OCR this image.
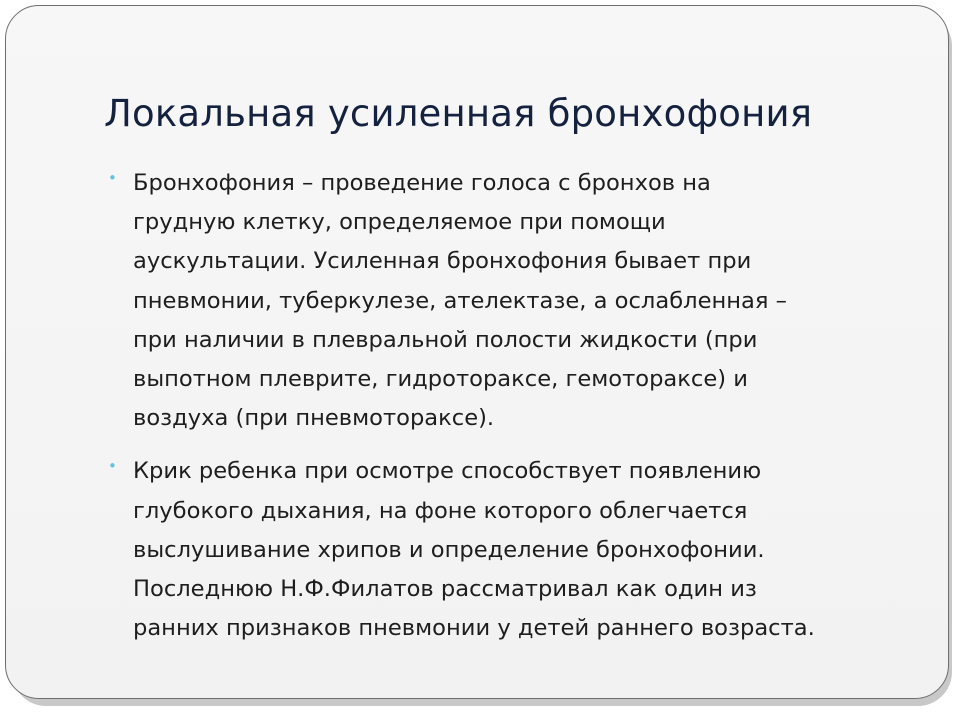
Локальная усиленная бронхофония
• Бронхофония – проведение голоса с бронхов на
грудную клетку, определяемое при помощи
аускультации. Усиленная бронхофония бывает при
пневмонии, туберкулезе, ателектазе, а ослабленная –
при наличии в плевральной полости жидкости (при
выпотном плеврите, гидротораксе, гемотораксе) и
воздуха (при пневмотораксе).
• Крик ребенка при осмотре способствует появлению
глубокого дыхания, на фоне которого облегчается
выслушивание хрипов и определение бронхофонии.
Последнюю Н.Ф.Филатов рассматривал как один из
ранних признаков пневмонии у детей раннего возраста.
